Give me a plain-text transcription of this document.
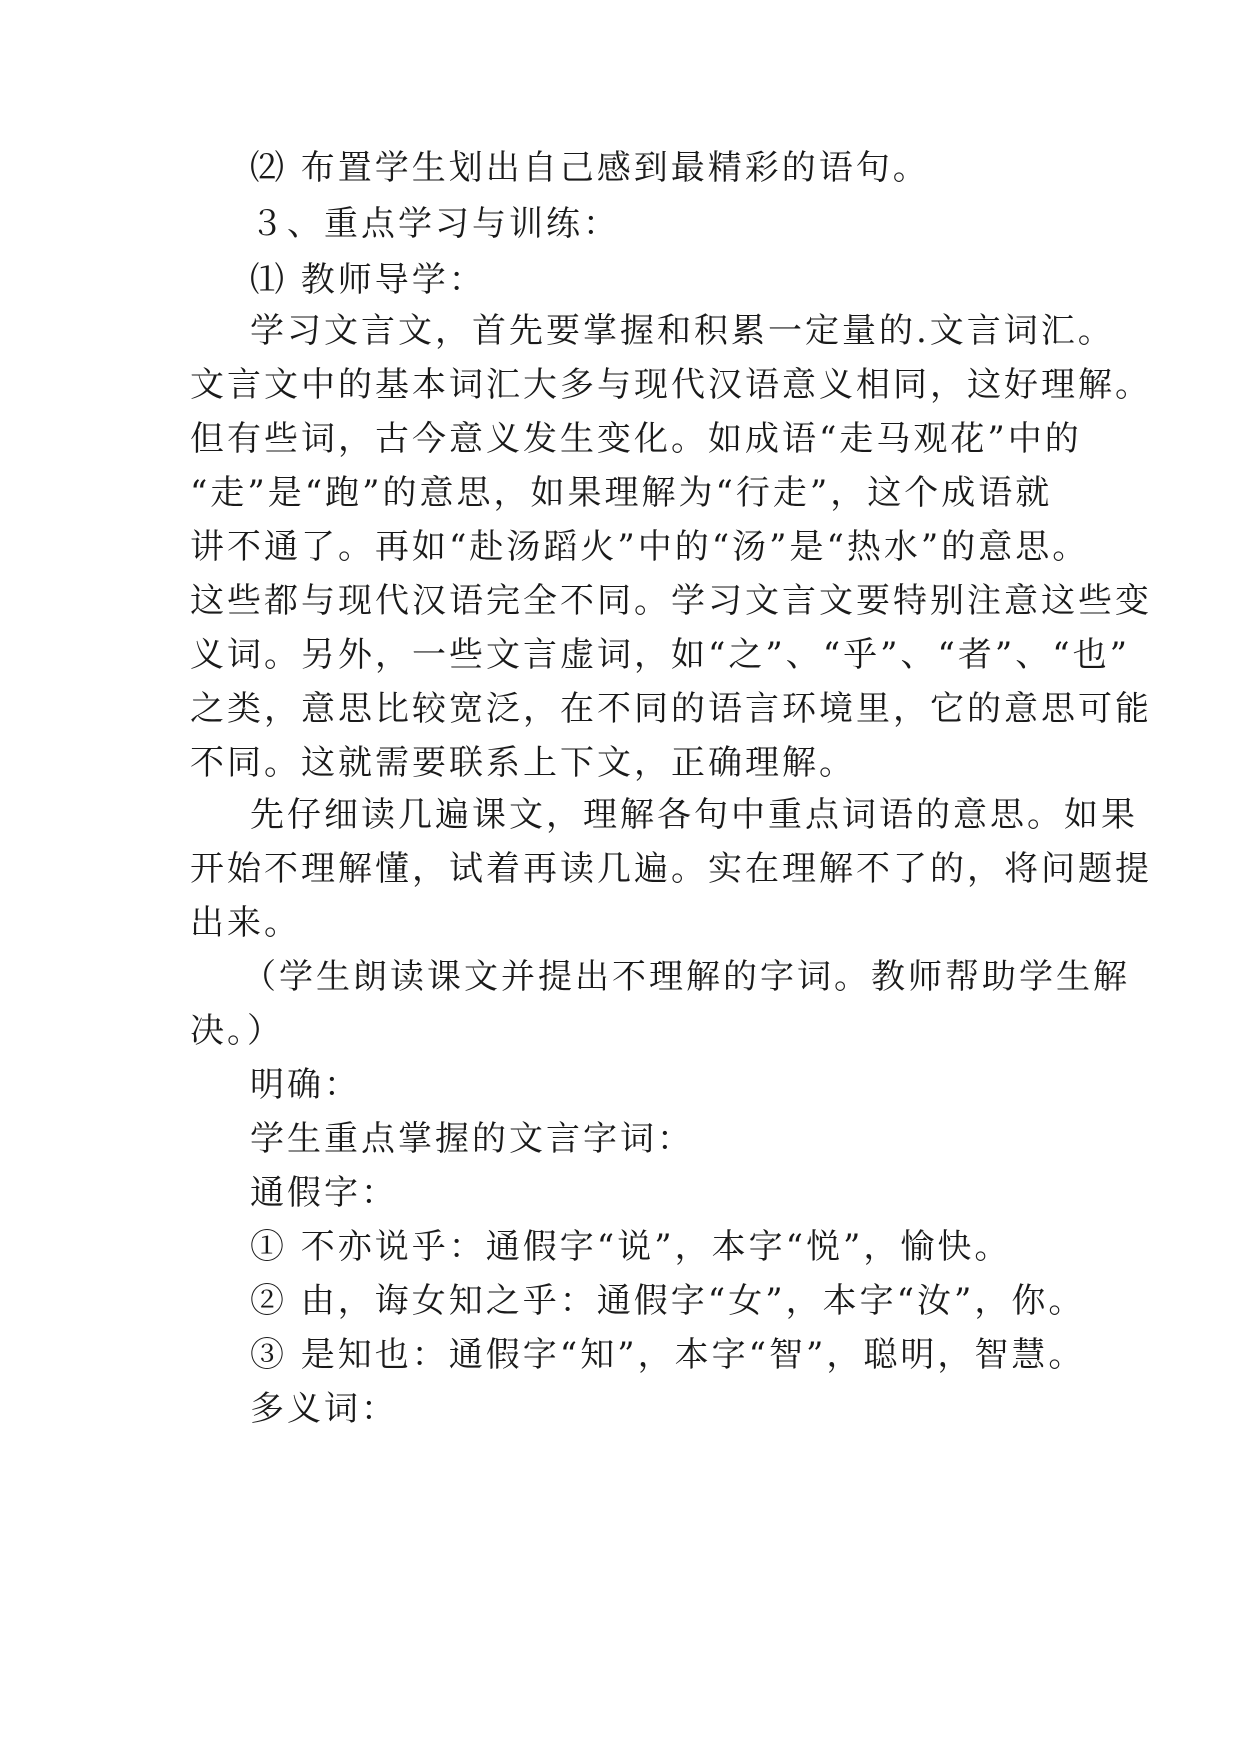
⑵ 布置学生划出自己感到最精彩的语句。
３、重点学习与训练：
⑴ 教师导学：
学习文言文，首先要掌握和积累一定量的.文言词汇。
文言文中的基本词汇大多与现代汉语意义相同，这好理解。
但有些词，古今意义发生变化。如成语“走马观花”中的
“走”是“跑”的意思，如果理解为“行走”，这个成语就
讲不通了。再如“赴汤蹈火”中的“汤”是“热水”的意思。
这些都与现代汉语完全不同。学习文言文要特别注意这些变
义词。另外，一些文言虚词，如“之”、“乎”、“者”、“也”
之类，意思比较宽泛，在不同的语言环境里，它的意思可能
不同。这就需要联系上下文，正确理解。
先仔细读几遍课文，理解各句中重点词语的意思。如果
开始不理解懂，试着再读几遍。实在理解不了的，将问题提
出来。
（学生朗读课文并提出不理解的字词。教师帮助学生解
决。）
明确：
学生重点掌握的文言字词：
通假字：
① 不亦说乎：通假字“说”，本字“悦”，愉快。
② 由，诲女知之乎：通假字“女”，本字“汝”，你。
③ 是知也：通假字“知”，本字“智”，聪明，智慧。
多义词：
